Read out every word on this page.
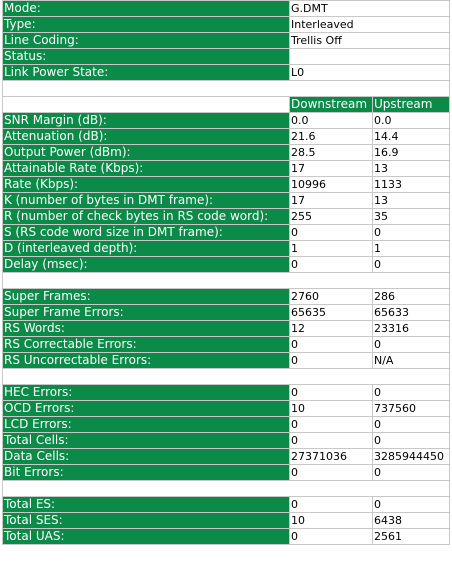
Mode:	G.DMT	
Type:	Interleaved	
Line Coding:	Trellis Off	
Status:		
Link Power State:	L0	

	Downstream	Upstream
SNR Margin (dB):	0.0	0.0
Attenuation (dB):	21.6	14.4
Output Power (dBm):	28.5	16.9
Attainable Rate (Kbps):	17	13
Rate (Kbps):	10996	1133
K (number of bytes in DMT frame):	17	13
R (number of check bytes in RS code word):	255	35
S (RS code word size in DMT frame):	0	0
D (interleaved depth):	1	1
Delay (msec):	0	0

Super Frames:	2760	286
Super Frame Errors:	65635	65633
RS Words:	12	23316
RS Correctable Errors:	0	0
RS Uncorrectable Errors:	0	N/A

HEC Errors:	0	0
OCD Errors:	10	737560
LCD Errors:	0	0
Total Cells:	0	0
Data Cells:	27371036	3285944450
Bit Errors:	0	0

Total ES:	0	0
Total SES:	10	6438
Total UAS:	0	2561
